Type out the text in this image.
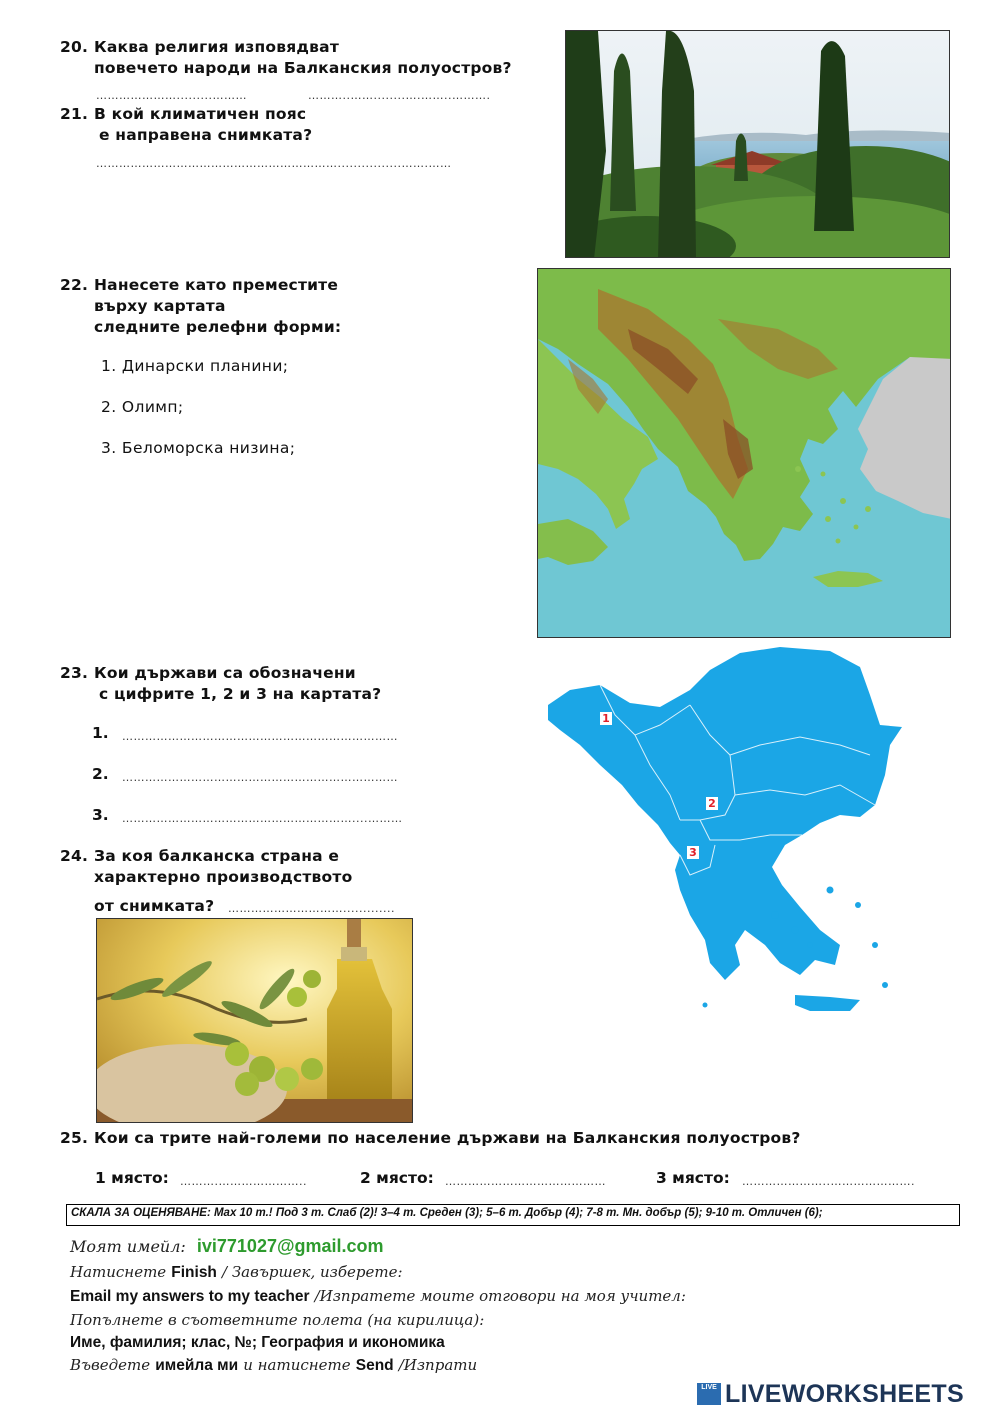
20. Каква религия изповядват
повечето народи на Балканския полуостров?
………………….........………	………..……........….……..……….
21. В кой климатичен пояс
е направена снимката?
………………………………………………………................…….……
22. Нанесете като преместите
върху картата
следните релефни форми:
1. Динарски планини;
2. Олимп;
3. Беломорска низина;
23. Кои държави са обозначени
с цифрите 1, 2 и 3 на картата?
1. ………………………………………………………………
2. ………………………………………………………………
3. ……………………………………………………....………
1
2
3
24. За коя балканска страна е
характерно производството
от снимката? ………………………….............
25. Кои са трите най-големи по население държави на Балканския полуостров?
1 място: ……….…………………..	2 място: ……………………………………	3 място: …………………..………………….
СКАЛА ЗА ОЦЕНЯВАНЕ: Max 10 т.! Под 3 т. Слаб (2)! 3–4 т. Среден (3); 5–6 т. Добър (4); 7-8 т. Мн. добър (5); 9-10 т. Отличен (6);
Моят имейл: ivi771027@gmail.com
Натиснете Finish / Завършек, изберете:
Email my answers to my teacher /Изпратете моите отговори на моя учител:
Попълнете в съответните полета (на кирилица):
Име, фамилия; клас, №; География и икономика
Въведете имейла ми и натиснете Send /Изпрати
LIVE LIVEWORKSHEETS
